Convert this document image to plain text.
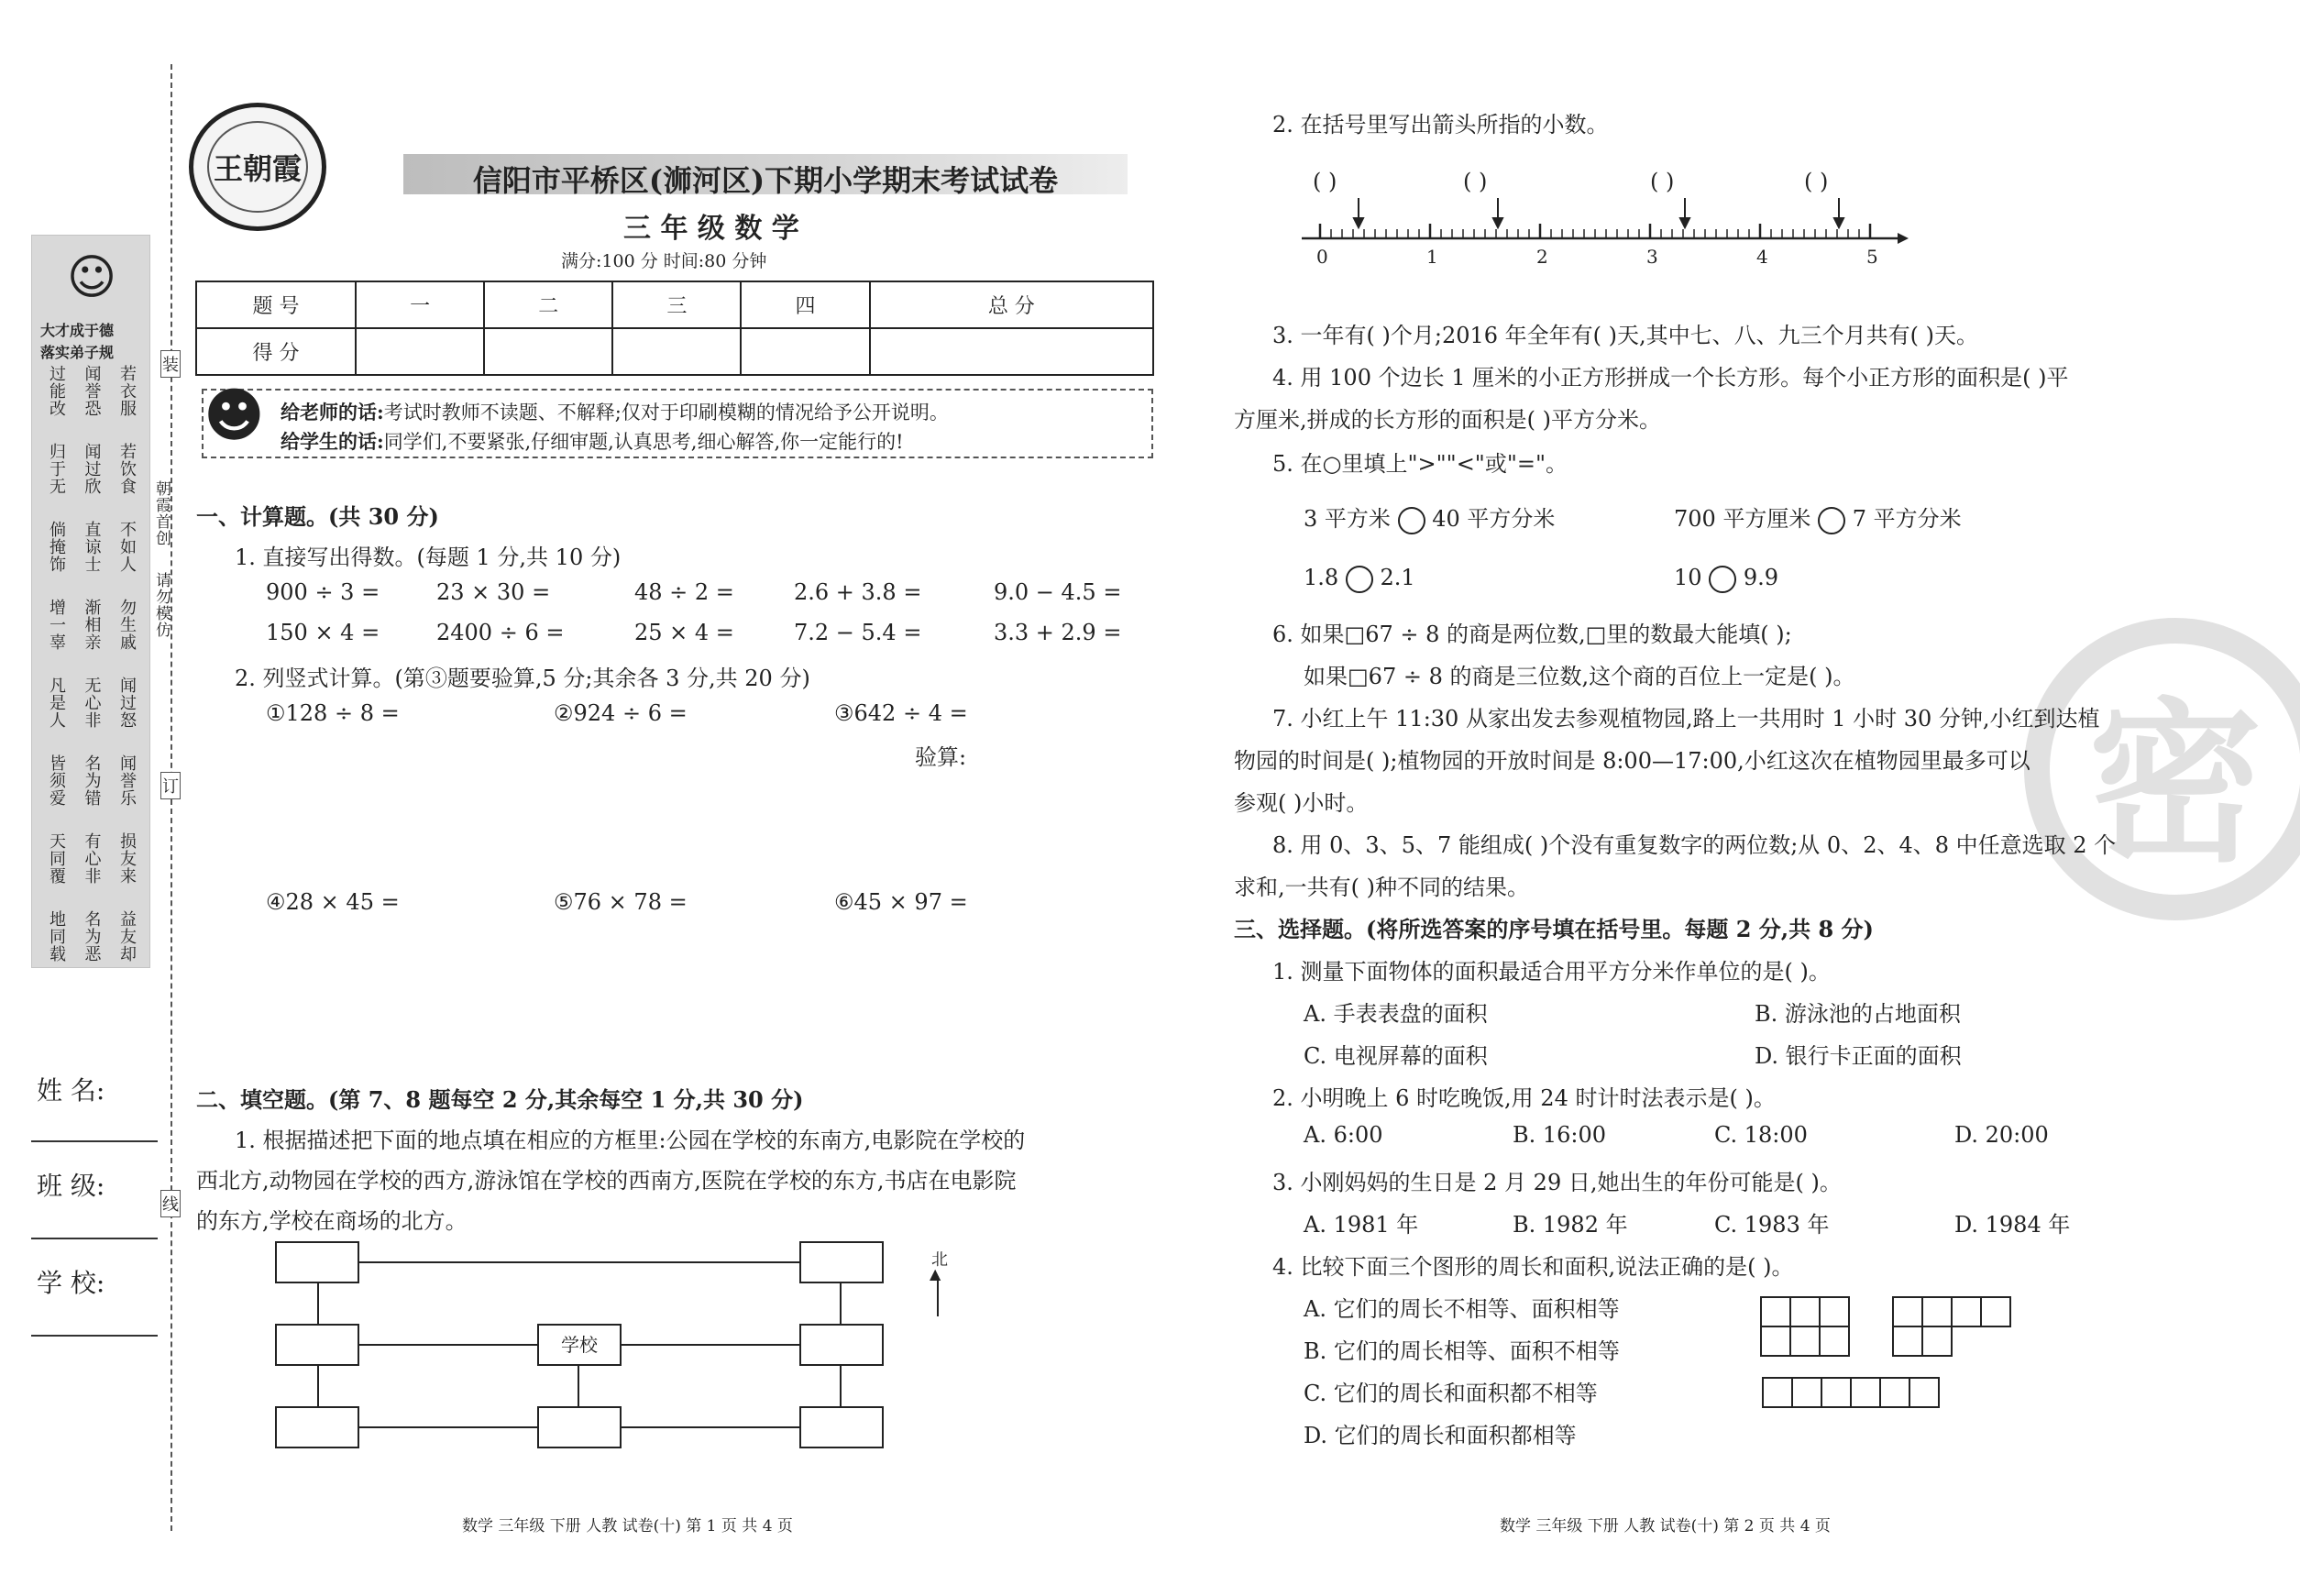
☺
大才成于德
落实弟子规
过能改 闻誉恐 若衣服
归于无 闻过欣 若饮食
倘掩饰 直谅士 不如人
增一辜 渐相亲 勿生戚
凡是人 无心非 闻过怒
皆须爱 名为错 闻誉乐
天同覆 有心非 损友来
地同载 名为恶 益友却
装
订
线
朝霞首创
请勿模仿
姓 名:
班 级:
学 校:
王朝霞	信阳市平桥区(浉河区)下期小学期末考试试卷
三 年 级 数 学
满分:100 分 时间:80 分钟
题 号	一	二	三	四	总 分
得 分					
☻ 给老师的话:考试时教师不读题、不解释;仅对于印刷模糊的情况给予公开说明。
给学生的话:同学们,不要紧张,仔细审题,认真思考,细心解答,你一定能行的!
一、计算题。(共 30 分)
1. 直接写出得数。(每题 1 分,共 10 分)
900 ÷ 3 =	23 × 30 =	48 ÷ 2 =	2.6 + 3.8 =	9.0 − 4.5 =
150 × 4 =	2400 ÷ 6 =	25 × 4 =	7.2 − 5.4 =	3.3 + 2.9 =
2. 列竖式计算。(第③题要验算,5 分;其余各 3 分,共 20 分)
①128 ÷ 8 =	②924 ÷ 6 =	③642 ÷ 4 =
验算:
④28 × 45 =	⑤76 × 78 =	⑥45 × 97 =
二、填空题。(第 7、8 题每空 2 分,其余每空 1 分,共 30 分)
1. 根据描述把下面的地点填在相应的方框里:公园在学校的东南方,电影院在学校的
西北方,动物园在学校的西方,游泳馆在学校的西南方,医院在学校的东方,书店在电影院
的东方,学校在商场的北方。
学校
北
▲
数学 三年级 下册 人教 试卷(十) 第 1 页 共 4 页
密
2. 在括号里写出箭头所指的小数。
( )	( )	( )	( )
0	1	2	3	4	5
3. 一年有( )个月;2016 年全年有( )天,其中七、八、九三个月共有( )天。
4. 用 100 个边长 1 厘米的小正方形拼成一个长方形。每个小正方形的面积是( )平
方厘米,拼成的长方形的面积是( )平方分米。
5. 在○里填上">""<"或"="。
3 平方米 40 平方分米	700 平方厘米 7 平方分米
1.8 2.1	10 9.9
6. 如果□67 ÷ 8 的商是两位数,□里的数最大能填( );
如果□67 ÷ 8 的商是三位数,这个商的百位上一定是( )。
7. 小红上午 11:30 从家出发去参观植物园,路上一共用时 1 小时 30 分钟,小红到达植
物园的时间是( );植物园的开放时间是 8:00—17:00,小红这次在植物园里最多可以
参观( )小时。
8. 用 0、3、5、7 能组成( )个没有重复数字的两位数;从 0、2、4、8 中任意选取 2 个
求和,一共有( )种不同的结果。
三、选择题。(将所选答案的序号填在括号里。每题 2 分,共 8 分)
1. 测量下面物体的面积最适合用平方分米作单位的是( )。
A. 手表表盘的面积	B. 游泳池的占地面积
C. 电视屏幕的面积	D. 银行卡正面的面积
2. 小明晚上 6 时吃晚饭,用 24 时计时法表示是( )。
A. 6:00	B. 16:00	C. 18:00	D. 20:00
3. 小刚妈妈的生日是 2 月 29 日,她出生的年份可能是( )。
A. 1981 年	B. 1982 年	C. 1983 年	D. 1984 年
4. 比较下面三个图形的周长和面积,说法正确的是( )。
A. 它们的周长不相等、面积相等
B. 它们的周长相等、面积不相等
C. 它们的周长和面积都不相等
D. 它们的周长和面积都相等
数学 三年级 下册 人教 试卷(十) 第 2 页 共 4 页
